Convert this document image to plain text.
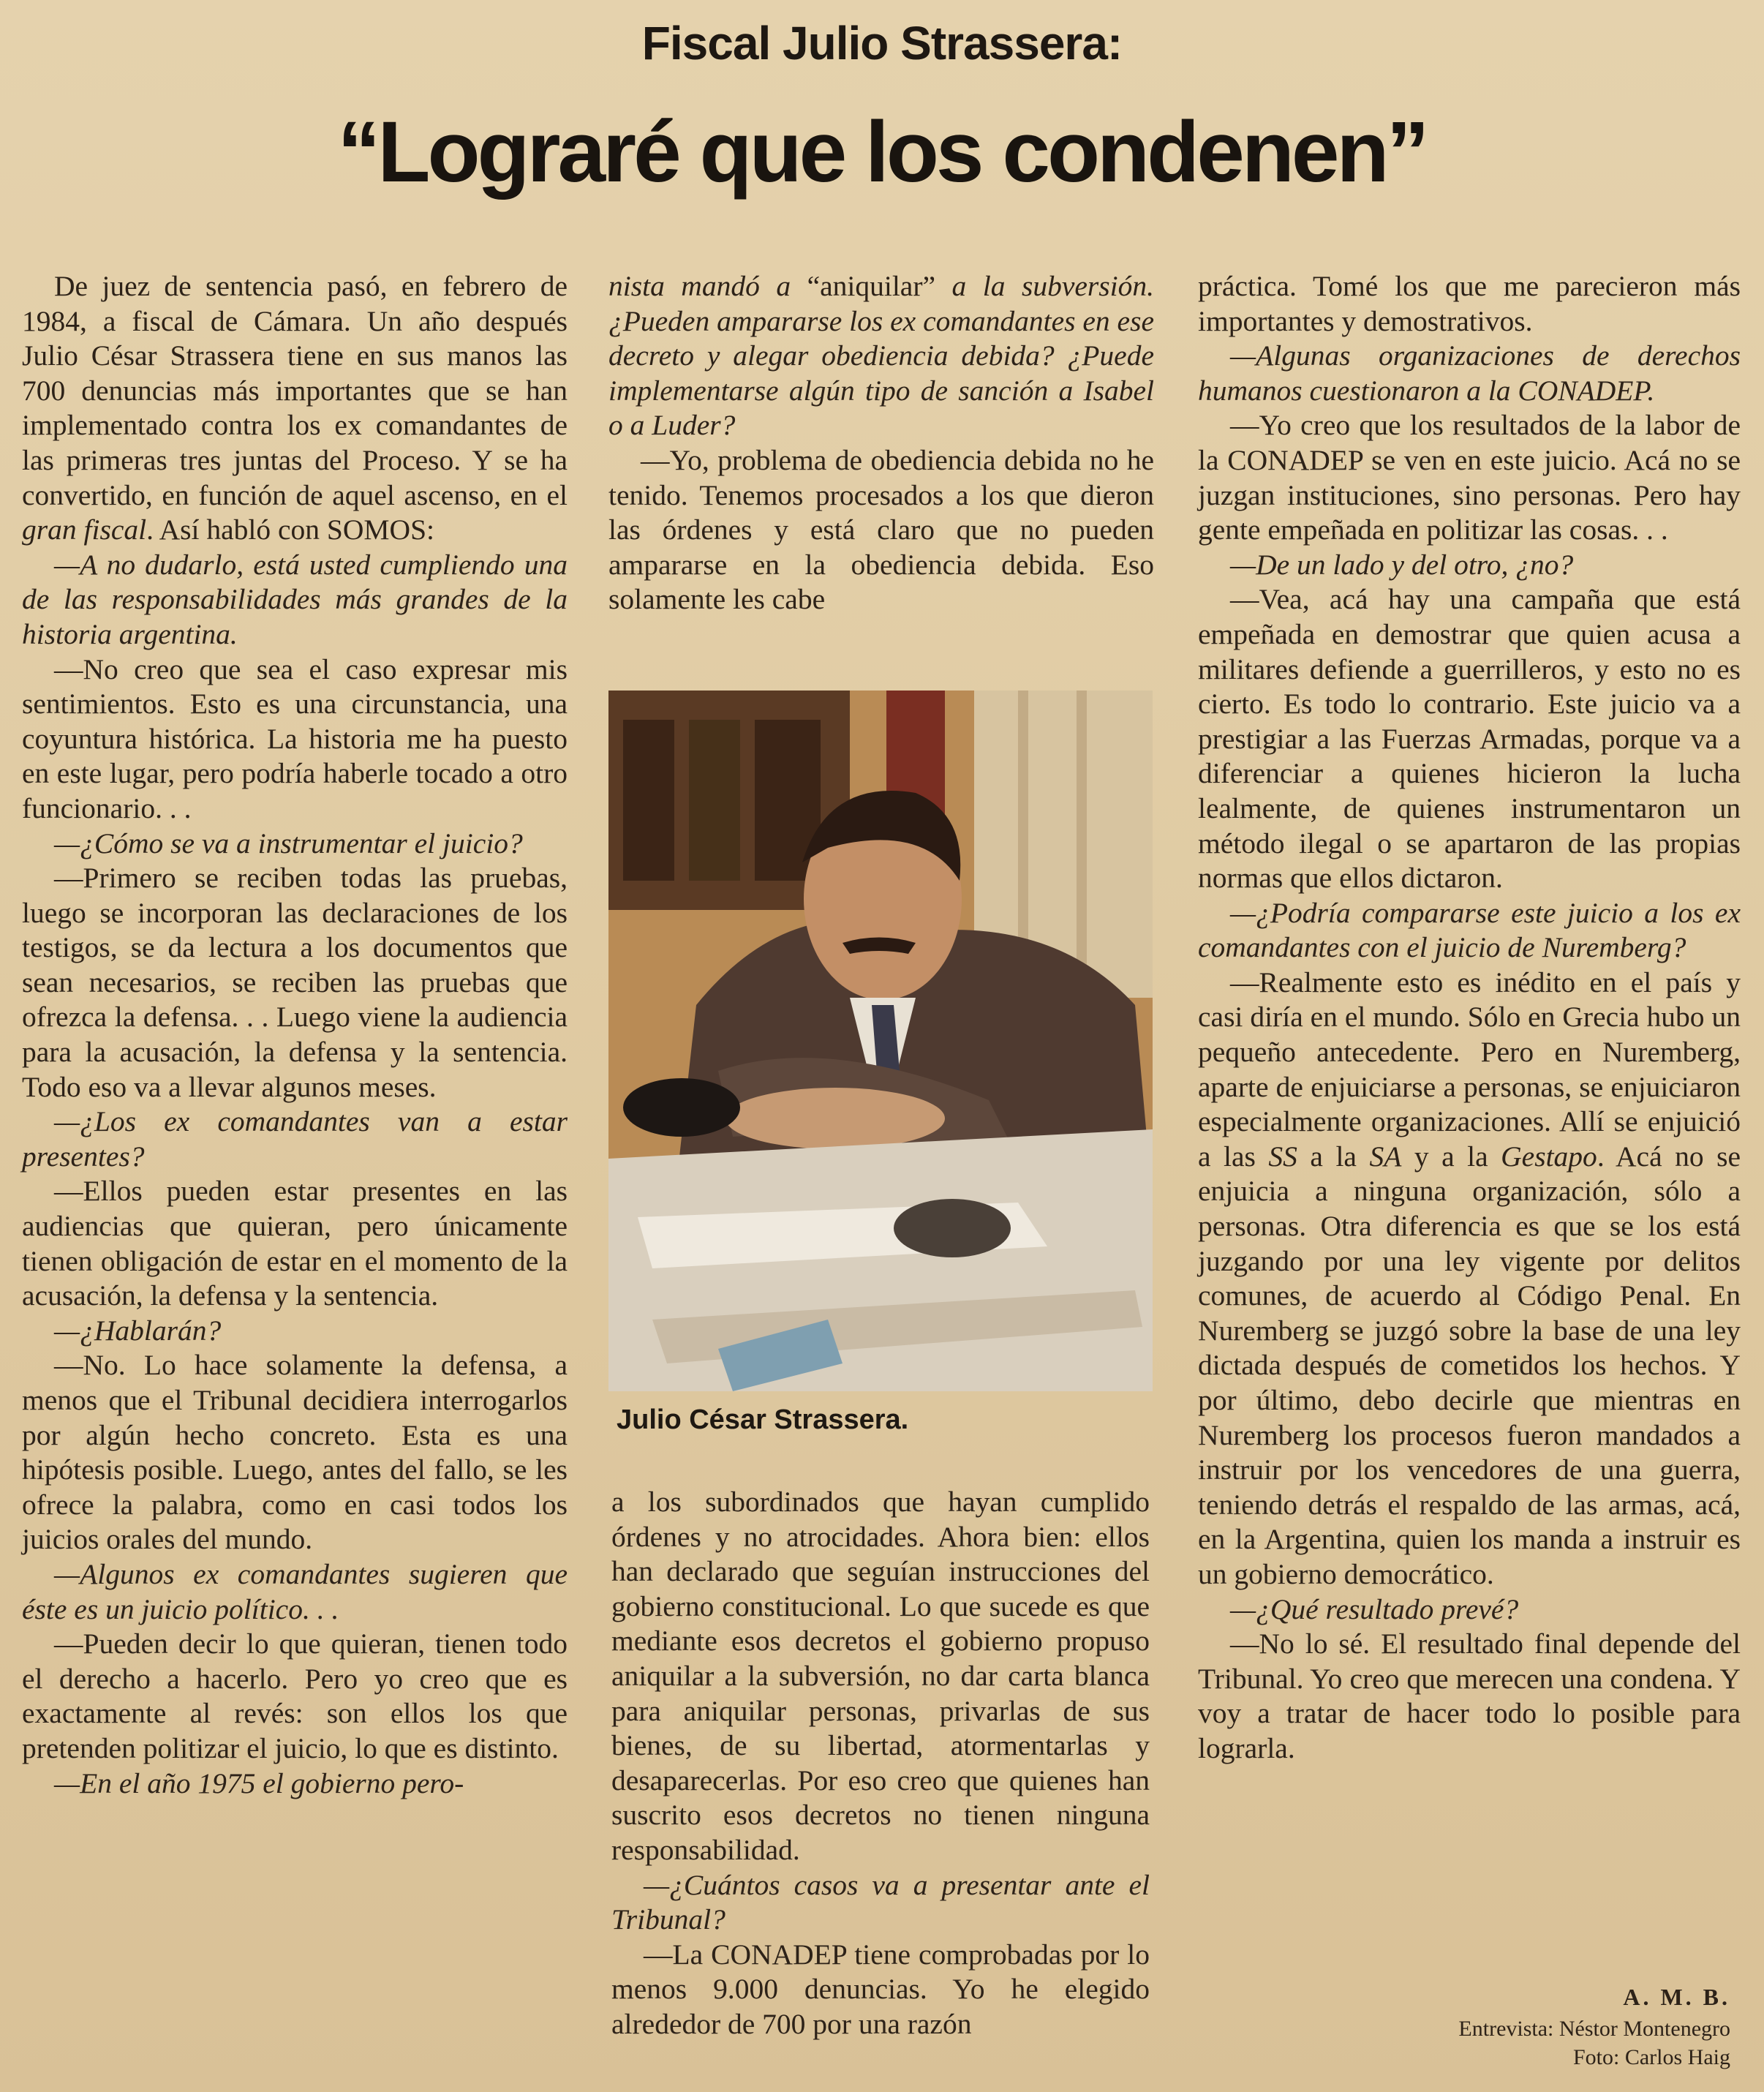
Fiscal Julio Strassera:
“Lograré que los condenen”

De juez de sentencia pasó, en febrero de 1984, a fiscal de Cámara. Un año después Julio César Strassera tiene en sus manos las 700 denuncias más importantes que se han implementado contra los ex comandantes de las primeras tres juntas del Proceso. Y se ha convertido, en función de aquel ascenso, en el gran fiscal. Así habló con SOMOS:

—A no dudarlo, está usted cumpliendo una de las responsabilidades más grandes de la historia argentina.

—No creo que sea el caso expresar mis sentimientos. Esto es una circunstancia, una coyuntura histórica. La historia me ha puesto en este lugar, pero podría haberle tocado a otro funcionario. . .

—¿Cómo se va a instrumentar el juicio?

—Primero se reciben todas las pruebas, luego se incorporan las declaraciones de los testigos, se da lectura a los documentos que sean necesarios, se reciben las pruebas que ofrezca la defensa. . . Luego viene la audiencia para la acusación, la defensa y la sentencia. Todo eso va a llevar algunos meses.

—¿Los ex comandantes van a estar presentes?

—Ellos pueden estar presentes en las audiencias que quieran, pero únicamente tienen obligación de estar en el momento de la acusación, la defensa y la sentencia.

—¿Hablarán?

—No. Lo hace solamente la defensa, a menos que el Tribunal decidiera interrogarlos por algún hecho concreto. Esta es una hipótesis posible. Luego, antes del fallo, se les ofrece la palabra, como en casi todos los juicios orales del mundo.

—Algunos ex comandantes sugieren que éste es un juicio político. . .

—Pueden decir lo que quieran, tienen todo el derecho a hacerlo. Pero yo creo que es exactamente al revés: son ellos los que pretenden politizar el juicio, lo que es distinto.

—En el año 1975 el gobierno pero-

nista mandó a “aniquilar” a la subversión. ¿Pueden ampararse los ex comandantes en ese decreto y alegar obediencia debida? ¿Puede implementarse algún tipo de sanción a Isabel o a Luder?

—Yo, problema de obediencia debida no he tenido. Tenemos procesados a los que dieron las órdenes y está claro que no pueden ampararse en la obediencia debida. Eso solamente les cabe

Julio César Strassera.

a los subordinados que hayan cumplido órdenes y no atrocidades. Ahora bien: ellos han declarado que seguían instrucciones del gobierno constitucional. Lo que sucede es que mediante esos decretos el gobierno propuso aniquilar a la subversión, no dar carta blanca para aniquilar personas, privarlas de sus bienes, de su libertad, atormentarlas y desaparecerlas. Por eso creo que quienes han suscrito esos decretos no tienen ninguna responsabilidad.

—¿Cuántos casos va a presentar ante el Tribunal?

—La CONADEP tiene comprobadas por lo menos 9.000 denuncias. Yo he elegido alrededor de 700 por una razón

práctica. Tomé los que me parecieron más importantes y demostrativos.

—Algunas organizaciones de derechos humanos cuestionaron a la CONADEP.

—Yo creo que los resultados de la labor de la CONADEP se ven en este juicio. Acá no se juzgan instituciones, sino personas. Pero hay gente empeñada en politizar las cosas. . .

—De un lado y del otro, ¿no?

—Vea, acá hay una campaña que está empeñada en demostrar que quien acusa a militares defiende a guerrilleros, y esto no es cierto. Es todo lo contrario. Este juicio va a prestigiar a las Fuerzas Armadas, porque va a diferenciar a quienes hicieron la lucha lealmente, de quienes instrumentaron un método ilegal o se apartaron de las propias normas que ellos dictaron.

—¿Podría compararse este juicio a los ex comandantes con el juicio de Nuremberg?

—Realmente esto es inédito en el país y casi diría en el mundo. Sólo en Grecia hubo un pequeño antecedente. Pero en Nuremberg, aparte de enjuiciarse a personas, se enjuiciaron especialmente organizaciones. Allí se enjuició a las SS a la SA y a la Gestapo. Acá no se enjuicia a ninguna organización, sólo a personas. Otra diferencia es que se los está juzgando por una ley vigente por delitos comunes, de acuerdo al Código Penal. En Nuremberg se juzgó sobre la base de una ley dictada después de cometidos los hechos. Y por último, debo decirle que mientras en Nuremberg los procesos fueron mandados a instruir por los vencedores de una guerra, teniendo detrás el respaldo de las armas, acá, en la Argentina, quien los manda a instruir es un gobierno democrático.

—¿Qué resultado prevé?

—No lo sé. El resultado final depende del Tribunal. Yo creo que merecen una condena. Y voy a tratar de hacer todo lo posible para lograrla.

A. M. B.
Entrevista: Néstor Montenegro
Foto: Carlos Haig
